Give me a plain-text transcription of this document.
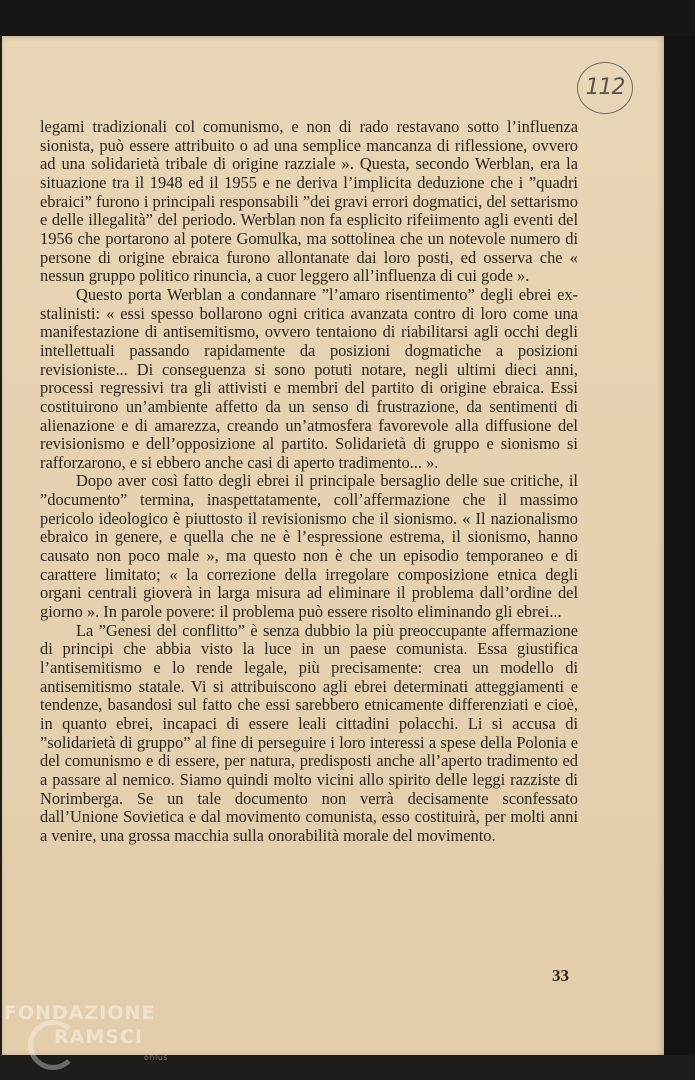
112

legami tradizionali col comunismo, e non di rado restavano sotto l’influenza sionista, può essere attribuito o ad una semplice mancanza di riflessione, ovvero ad una solidarietà tribale di origine razziale ». Questa, secondo Werblan, era la situazione tra il 1948 ed il 1955 e ne deriva l’implicita deduzione che i ”quadri ebraici” furono i principali responsabili ”dei gravi errori dogmatici, del settarismo e delle illegalità” del periodo. Werblan non fa esplicito rifeiimento agli eventi del 1956 che portarono al potere Gomulka, ma sottolinea che un notevole numero di persone di origine ebraica furono allontanate dai loro posti, ed osserva che « nessun gruppo politico rinuncia, a cuor leggero all’influenza di cui gode ».

Questo porta Werblan a condannare ”l’amaro risentimento” degli ebrei ex-stalinisti: « essi spesso bollarono ogni critica avanzata contro di loro come una manifestazione di antisemitismo, ovvero tentaiono di riabilitarsi agli occhi degli intellettuali passando rapidamente da posizioni dogmatiche a posizioni revisioniste... Di conseguenza si sono potuti notare, negli ultimi dieci anni, processi regressivi tra gli attivisti e membri del partito di origine ebraica. Essi costituirono un’ambiente affetto da un senso di frustrazione, da sentimenti di alienazione e di amarezza, creando un’atmosfera favorevole alla diffusione del revisionismo e dell’opposizione al partito. Solidarietà di gruppo e sionismo si rafforzarono, e si ebbero anche casi di aperto tradimento... ».

Dopo aver così fatto degli ebrei il principale bersaglio delle sue critiche, il ”documento” termina, inaspettatamente, coll’affermazione che il massimo pericolo ideologico è piuttosto il revisionismo che il sionismo. « Il nazionalismo ebraico in genere, e quella che ne è l’espressione estrema, il sionismo, hanno causato non poco male », ma questo non è che un episodio temporaneo e di carattere limitato; « la correzione della irregolare composizione etnica degli organi centrali gioverà in larga misura ad eliminare il problema dall’ordine del giorno ». In parole povere: il problema può essere risolto eliminando gli ebrei...

La ”Genesi del conflitto” è senza dubbio la più preoccupante affermazione di principi che abbia visto la luce in un paese comunista. Essa giustifica l’antisemitismo e lo rende legale, più precisamente: crea un modello di antisemitismo statale. Vi si attribuiscono agli ebrei determinati atteggiamenti e tendenze, basandosi sul fatto che essi sarebbero etnicamente differenziati e cioè, in quanto ebrei, incapaci di essere leali cittadini polacchi. Li si accusa di ”solidarietà di gruppo” al fine di perseguire i loro interessi a spese della Polonia e del comunismo e di essere, per natura, predisposti anche all’aperto tradimento ed a passare al nemico. Siamo quindi molto vicini allo spirito delle leggi razziste di Norimberga. Se un tale documento non verrà decisamente sconfessato dall’Unione Sovietica e dal movimento comunista, esso costituirà, per molti anni a venire, una grossa macchia sulla onorabilità morale del movimento.

33
FONDAZIONE
RAMSCI
onlus
